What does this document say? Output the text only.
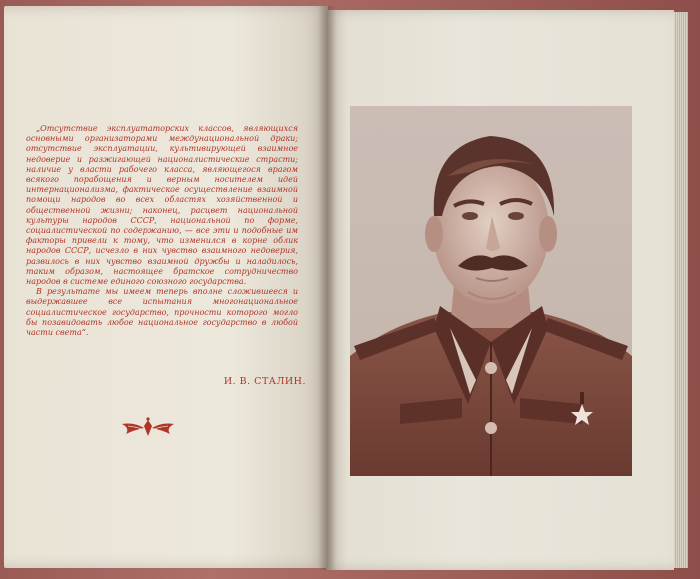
„Отсутствие эксплуататорских классов, являющихся основными организаторами междунациональной драки; отсутствие эксплуатации, культивирующей взаимное недоверие и разжигающей националистические страсти; наличие у власти рабочего класса, являющегося врагом всякого порабощения и верным носителем идей интернационализма, фактическое осуществление взаимной помощи народов во всех областях хозяйственной и общественной жизни; наконец, расцвет национальной культуры народов СССР, национальной по форме, социалистической по содержанию, — все эти и подобные им факторы привели к тому, что изменился в корне облик народов СССР, исчезло в них чувство взаимного недоверия, развилось в них чувство взаимной дружбы и наладилось, таким образом, настоящее братское сотрудничество народов в системе единого союзного государства.

В результате мы имеем теперь вполне сложившееся и выдержавшее все испытания многонациональное социалистическое государство, прочности которого могло бы позавидовать любое национальное государство в любой части света“.

И. В. СТАЛИН.
